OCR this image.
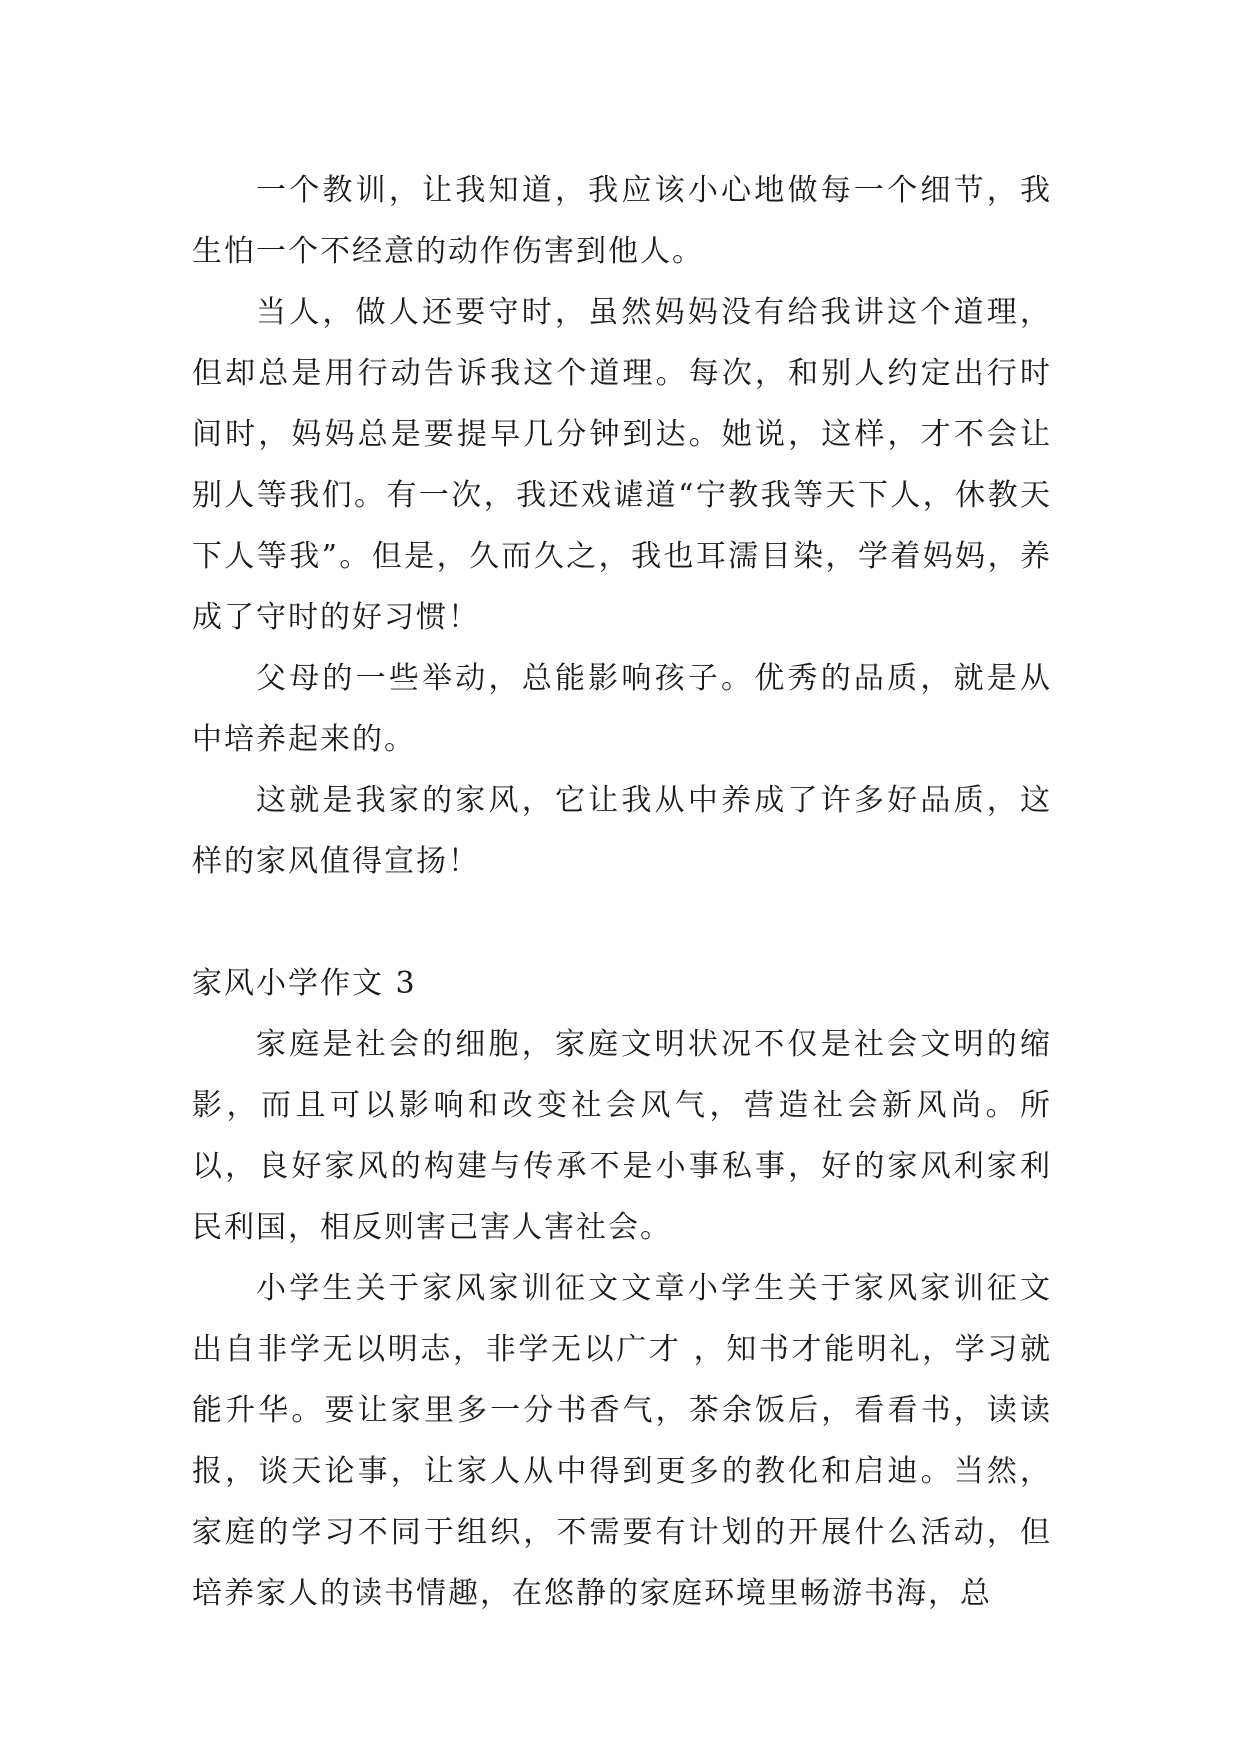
一个教训，让我知道，我应该小心地做每一个细节，我生怕一个不经意的动作伤害到他人。

当人，做人还要守时，虽然妈妈没有给我讲这个道理，但却总是用行动告诉我这个道理。每次，和别人约定出行时间时，妈妈总是要提早几分钟到达。她说，这样，才不会让别人等我们。有一次，我还戏谑道“宁教我等天下人，休教天下人等我”。但是，久而久之，我也耳濡目染，学着妈妈，养成了守时的好习惯！

父母的一些举动，总能影响孩子。优秀的品质，就是从中培养起来的。

这就是我家的家风，它让我从中养成了许多好品质，这样的家风值得宣扬！

家风小学作文 3

家庭是社会的细胞，家庭文明状况不仅是社会文明的缩影，而且可以影响和改变社会风气，营造社会新风尚。所以，良好家风的构建与传承不是小事私事，好的家风利家利民利国，相反则害己害人害社会。

小学生关于家风家训征文文章小学生关于家风家训征文出自非学无以明志，非学无以广才 ，知书才能明礼，学习就能升华。要让家里多一分书香气，茶余饭后，看看书，读读报，谈天论事，让家人从中得到更多的教化和启迪。当然，家庭的学习不同于组织，不需要有计划的开展什么活动，但培养家人的读书情趣，在悠静的家庭环境里畅游书海，总
